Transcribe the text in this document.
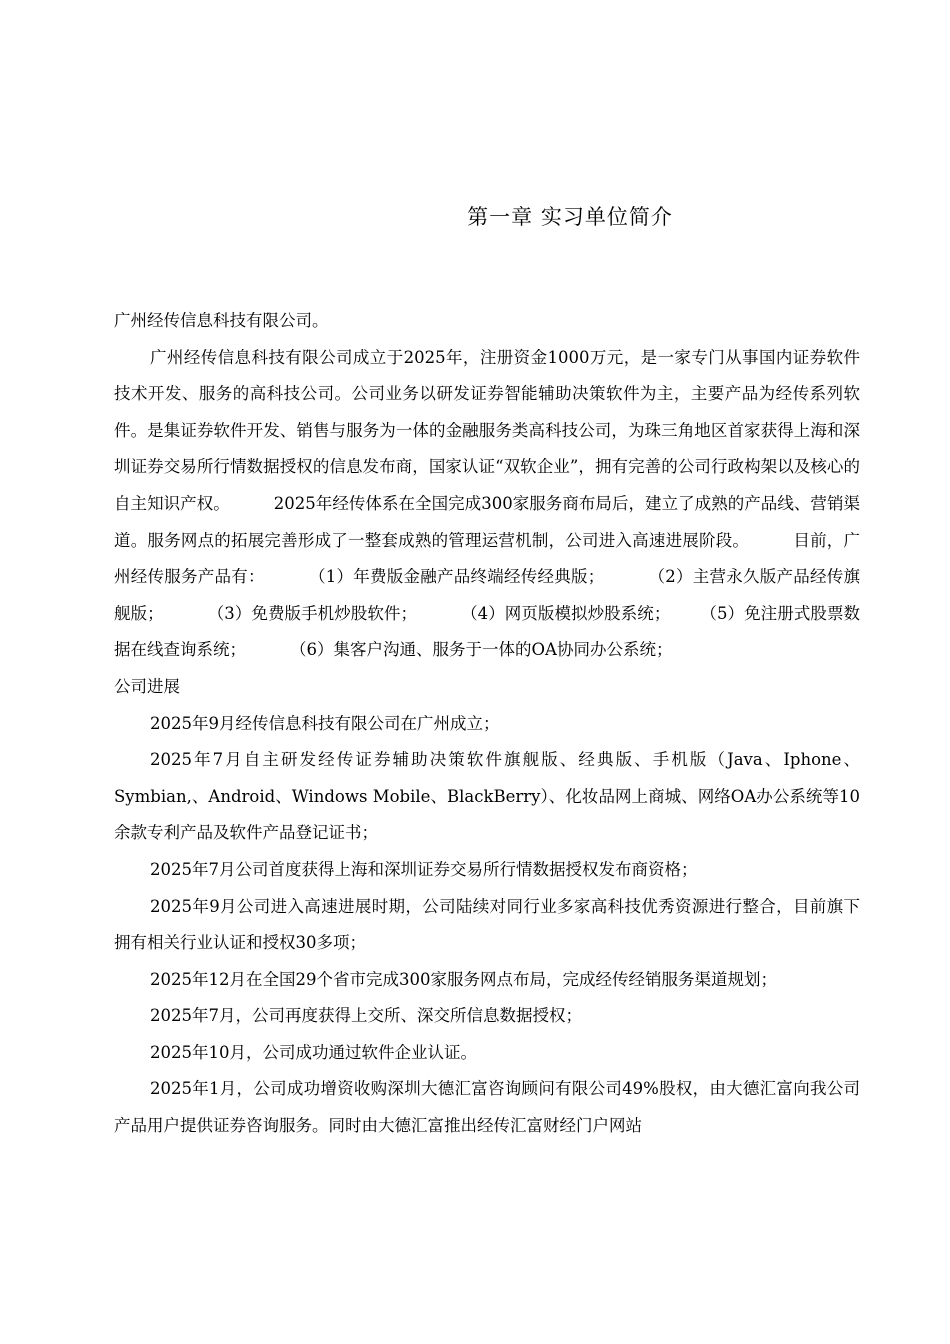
第一章 实习单位简介

广州经传信息科技有限公司。

广州经传信息科技有限公司成立于2025年，注册资金1000万元，是一家专门从事国内证券软件技术开发、服务的高科技公司。公司业务以研发证券智能辅助决策软件为主，主要产品为经传系列软件。是集证券软件开发、销售与服务为一体的金融服务类高科技公司，为珠三角地区首家获得上海和深圳证券交易所行情数据授权的信息发布商，国家认证“双软企业”，拥有完善的公司行政构架以及核心的自主知识产权。	2025年经传体系在全国完成300家服务商布局后，建立了成熟的产品线、营销渠道。服务网点的拓展完善形成了一整套成熟的管理运营机制，公司进入高速进展阶段。	目前，广州经传服务产品有：	（1）年费版金融产品终端经传经典版；	（2）主营永久版产品经传旗舰版；	（3）免费版手机炒股软件；	（4）网页版模拟炒股系统； （5）免注册式股票数据在线查询系统；	（6）集客户沟通、服务于一体的OA协同办公系统；

公司进展

2025年9月经传信息科技有限公司在广州成立；

2025年7月自主研发经传证券辅助决策软件旗舰版、经典版、手机版（Java、Iphone、Symbian,、Android、Windows Mobile、BlackBerry）、化妆品网上商城、网络OA办公系统等10余款专利产品及软件产品登记证书；

2025年7月公司首度获得上海和深圳证券交易所行情数据授权发布商资格；

2025年9月公司进入高速进展时期，公司陆续对同行业多家高科技优秀资源进行整合，目前旗下拥有相关行业认证和授权30多项；

2025年12月在全国29个省市完成300家服务网点布局，完成经传经销服务渠道规划；

2025年7月，公司再度获得上交所、深交所信息数据授权；

2025年10月，公司成功通过软件企业认证。

2025年1月，公司成功增资收购深圳大德汇富咨询顾问有限公司49%股权，由大德汇富向我公司产品用户提供证券咨询服务。同时由大德汇富推出经传汇富财经门户网站
